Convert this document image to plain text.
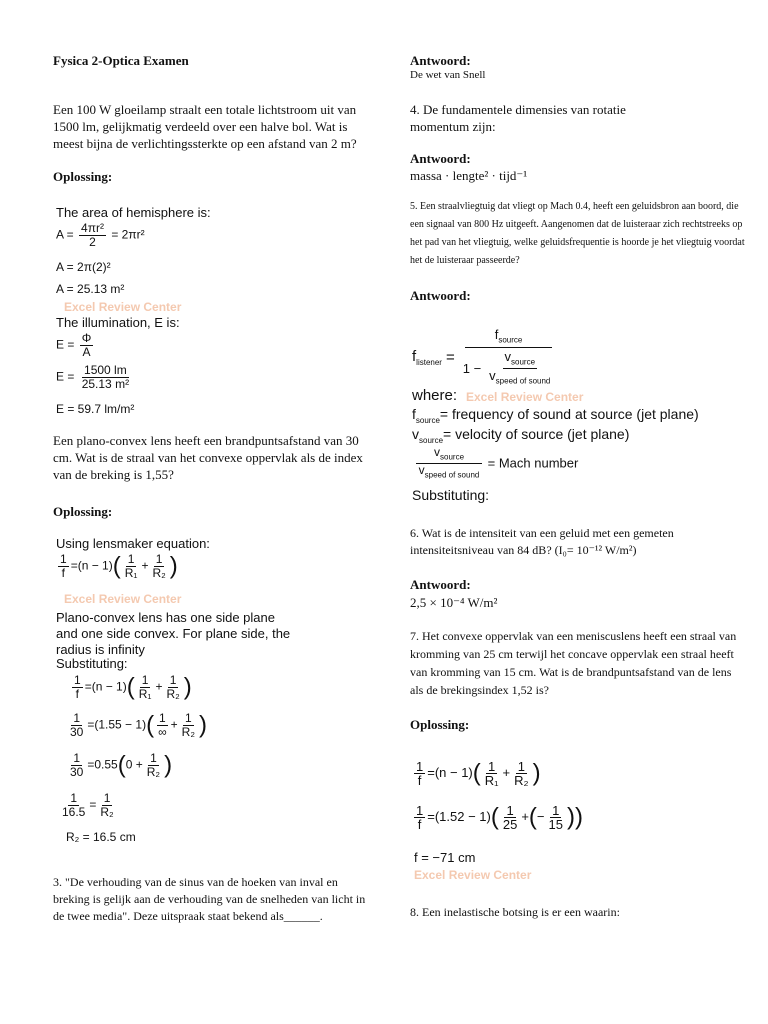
Fysica 2-Optica Examen
Een 100 W gloeilamp straalt een totale lichtstroom uit van 1500 lm, gelijkmatig verdeeld over een halve bol. Wat is meest bijna de verlichtingssterkte op een afstand van 2 m?
Oplossing:
The area of hemisphere is:
$A = \frac{\text{4πr²}}{2} = 2\pi r^2$
A = 2π(2)²
A = 25.13 m²
Excel Review Center
The illumination, E is:
$E = \frac{\Phi}{A}$
$E = \frac{1500 lm}{\text{25.13 m²}}$
E = 59.7 lm/m²
Een plano-convex lens heeft een brandpuntsafstand van 30 cm. Wat is de straal van het convexe oppervlak als de index van de breking is 1,55?
Oplossing:
Using lensmaker equation:
$\frac{1}{f} =(n - 1)( \frac{1}{\text{R₁}} + \frac{1}{\text{R₂}}$ )
Excel Review Center
Plano-convex lens has one side plane and one side convex. For plane side, the radius is infinity
Substituting:
$\frac{1}{f} =(n - 1)( \frac{1}{\text{R₁}} + \frac{1}{\text{R₂}}$ )
$\frac{1}{30} =(1.55 - 1)( \frac{1}{\infty} + \frac{1}{\text{R₂}}$ )
$\frac{1}{30} =0.55(0 + \frac{1}{\text{R₂}}$ )
$\frac{1}{16.5} = \frac{1}{\text{R₂}}$
R₂ = 16.5 cm
3. "De verhouding van de sinus van de hoeken van inval en breking is gelijk aan de verhouding van de snelheden van licht in de twee media". Deze uitspraak staat bekend als______.
Antwoord:
De wet van Snell
4. De fundamentele dimensies van rotatie momentum zijn:
Antwoord:
massa · lengte² · tijd⁻¹
5. Een straalvliegtuig dat vliegt op Mach 0.4, heeft een geluidsbron aan boord, die een signaal van 800 Hz uitgeeft. Aangenomen dat de luisteraar zich rechtstreeks op het pad van het vliegtuig, welke geluidsfrequentie is hoorde je het vliegtuig voordat het de luisteraar passeerde?
Antwoord:
$f_{listener} = \frac{f_{source}}{1 - \frac{v_{source}}{v_{speed of sound}}}$
where: Excel Review Center
$f_{source}=$ frequency of sound at source (jet plane)
$v_{source}=$ velocity of source (jet plane)
$\frac{v_{source}}{v_{speed of sound}}$ = Mach number
Substituting:
6. Wat is de intensiteit van een geluid met een gemeten intensiteitsniveau van 84 dB? (I₀= 10⁻¹² W/m²)
Antwoord:
2,5 × 10⁻⁴ W/m²
7. Het convexe oppervlak van een meniscuslens heeft een straal van kromming van 25 cm terwijl het concave oppervlak een straal heeft van kromming van 15 cm. Wat is de brandpuntsafstand van de lens als de brekingsindex 1,52 is?
Oplossing:
$\frac{1}{f} =(n - 1)( \frac{1}{\text{R₁}} + \frac{1}{\text{R₂}}$ )
$\frac{1}{f} =(1.52 - 1)( \frac{1}{25}$ +(− $\frac{1}{15}$ ))
f = −71 cm
Excel Review Center
8. Een inelastische botsing is er een waarin:
